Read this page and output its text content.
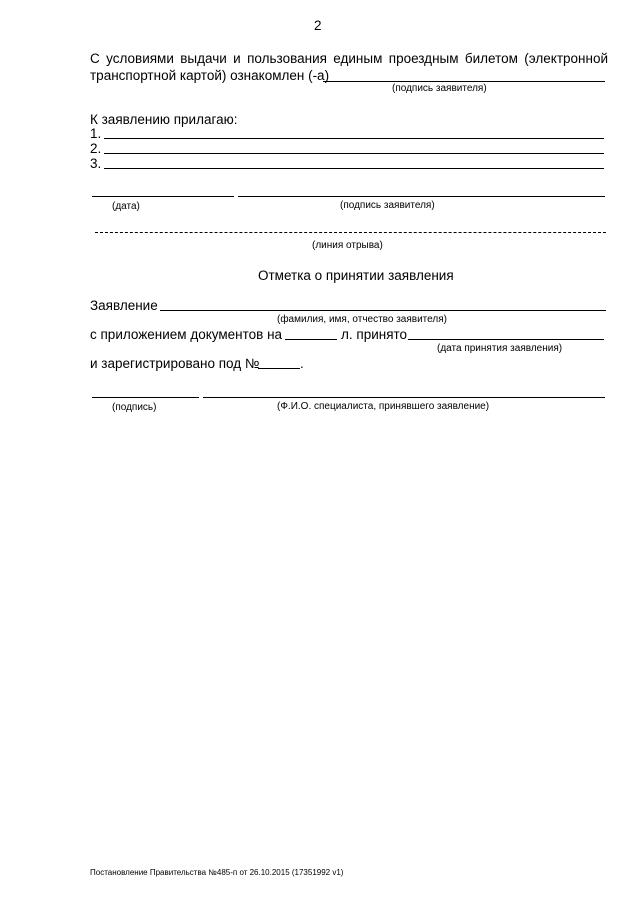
2
С условиями выдачи и пользования единым проездным билетом (электронной
транспортной картой) ознакомлен (-а)
(подпись заявителя)
К заявлению прилагаю:
1.
2.
3.
(дата)	(подпись заявителя)
(линия отрыва)
Отметка о принятии заявления
Заявление
(фамилия, имя, отчество заявителя)
с приложением документов на	л. принято
(дата принятия заявления)
и зарегистрировано под №	.
(подпись)	(Ф.И.О. специалиста, принявшего заявление)
Постановление Правительства №485-п от 26.10.2015 (17351992 v1)
